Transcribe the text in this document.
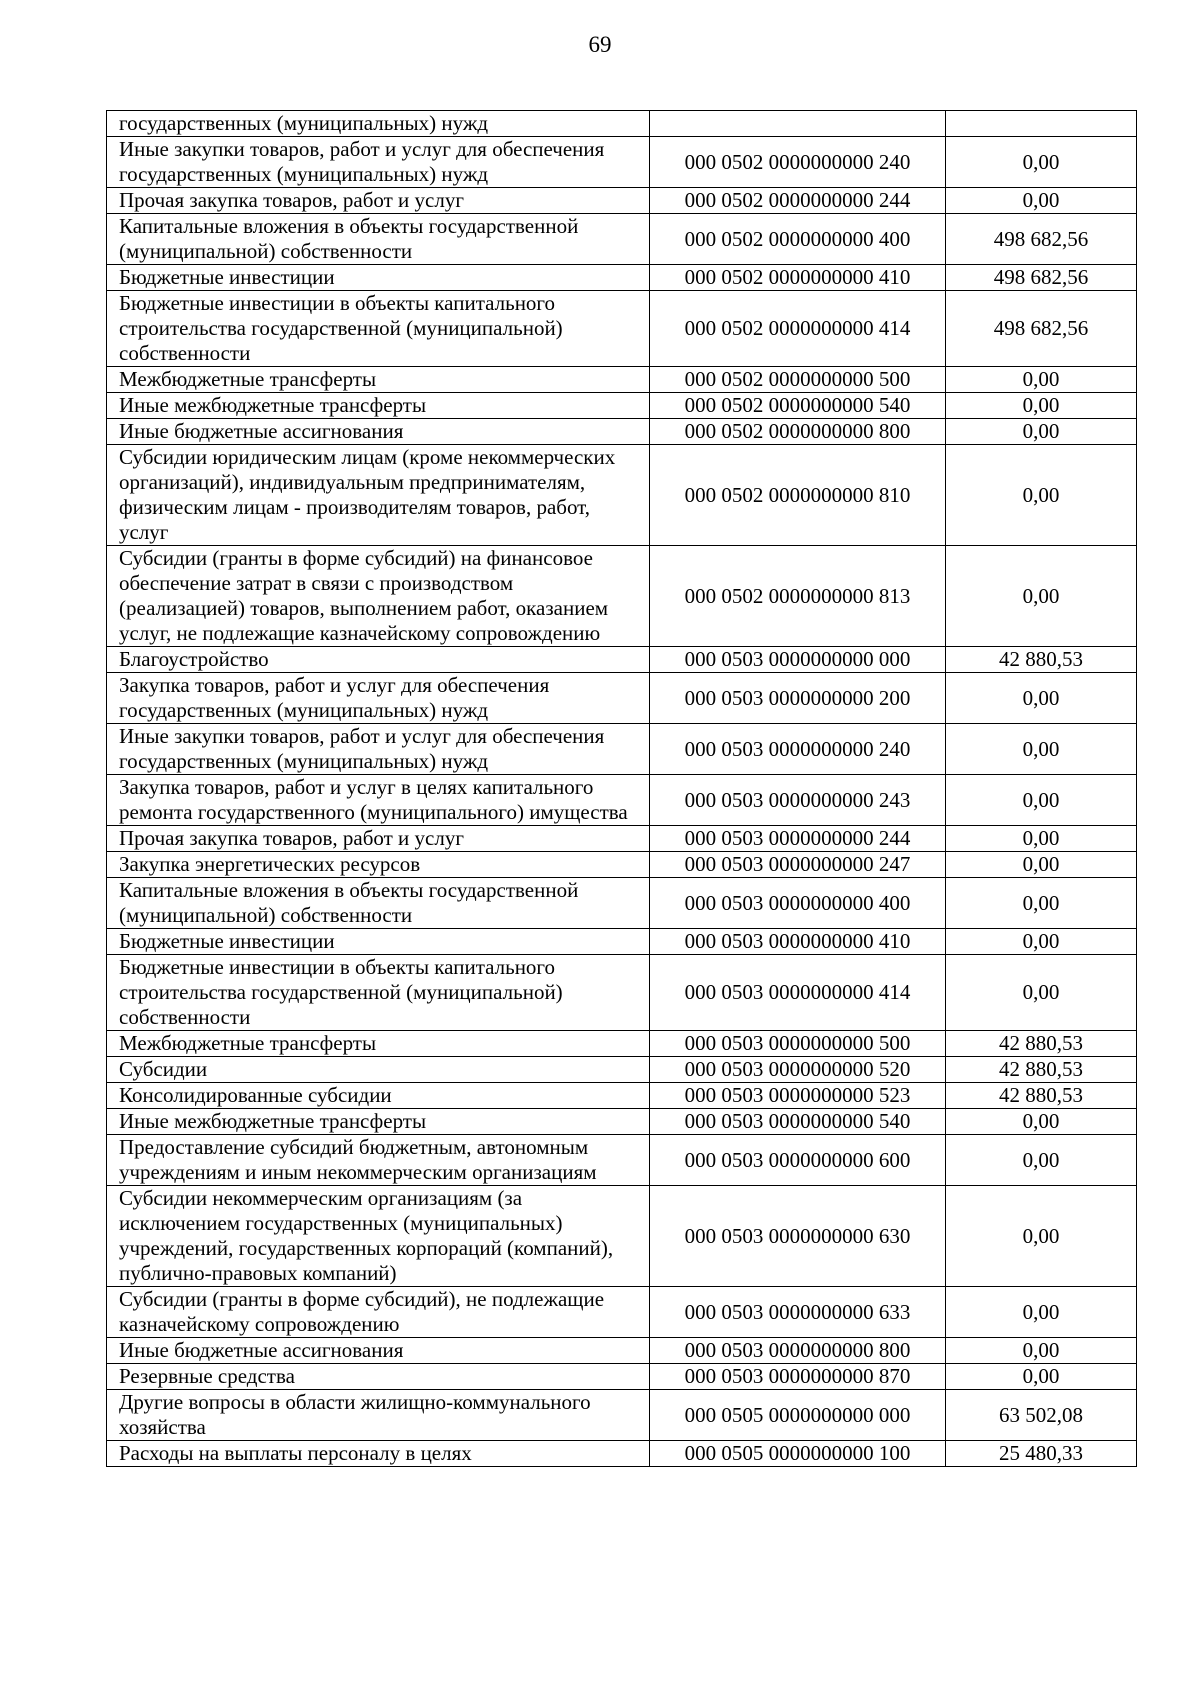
69
государственных (муниципальных) нужд		
Иные закупки товаров, работ и услуг для обеспечения государственных (муниципальных) нужд	000 0502 0000000000 240	0,00
Прочая закупка товаров, работ и услуг	000 0502 0000000000 244	0,00
Капитальные вложения в объекты государственной (муниципальной) собственности	000 0502 0000000000 400	498 682,56
Бюджетные инвестиции	000 0502 0000000000 410	498 682,56
Бюджетные инвестиции в объекты капитального строительства государственной (муниципальной) собственности	000 0502 0000000000 414	498 682,56
Межбюджетные трансферты	000 0502 0000000000 500	0,00
Иные межбюджетные трансферты	000 0502 0000000000 540	0,00
Иные бюджетные ассигнования	000 0502 0000000000 800	0,00
Субсидии юридическим лицам (кроме некоммерческих организаций), индивидуальным предпринимателям, физическим лицам - производителям товаров, работ, услуг	000 0502 0000000000 810	0,00
Субсидии (гранты в форме субсидий) на финансовое обеспечение затрат в связи с производством (реализацией) товаров, выполнением работ, оказанием услуг, не подлежащие казначейскому сопровождению	000 0502 0000000000 813	0,00
Благоустройство	000 0503 0000000000 000	42 880,53
Закупка товаров, работ и услуг для обеспечения государственных (муниципальных) нужд	000 0503 0000000000 200	0,00
Иные закупки товаров, работ и услуг для обеспечения государственных (муниципальных) нужд	000 0503 0000000000 240	0,00
Закупка товаров, работ и услуг в целях капитального ремонта государственного (муниципального) имущества	000 0503 0000000000 243	0,00
Прочая закупка товаров, работ и услуг	000 0503 0000000000 244	0,00
Закупка энергетических ресурсов	000 0503 0000000000 247	0,00
Капитальные вложения в объекты государственной (муниципальной) собственности	000 0503 0000000000 400	0,00
Бюджетные инвестиции	000 0503 0000000000 410	0,00
Бюджетные инвестиции в объекты капитального строительства государственной (муниципальной) собственности	000 0503 0000000000 414	0,00
Межбюджетные трансферты	000 0503 0000000000 500	42 880,53
Субсидии	000 0503 0000000000 520	42 880,53
Консолидированные субсидии	000 0503 0000000000 523	42 880,53
Иные межбюджетные трансферты	000 0503 0000000000 540	0,00
Предоставление субсидий бюджетным, автономным учреждениям и иным некоммерческим организациям	000 0503 0000000000 600	0,00
Субсидии некоммерческим организациям (за исключением государственных (муниципальных) учреждений, государственных корпораций (компаний), публично-правовых компаний)	000 0503 0000000000 630	0,00
Субсидии (гранты в форме субсидий), не подлежащие казначейскому сопровождению	000 0503 0000000000 633	0,00
Иные бюджетные ассигнования	000 0503 0000000000 800	0,00
Резервные средства	000 0503 0000000000 870	0,00
Другие вопросы в области жилищно-коммунального хозяйства	000 0505 0000000000 000	63 502,08
Расходы на выплаты персоналу в целях	000 0505 0000000000 100	25 480,33
